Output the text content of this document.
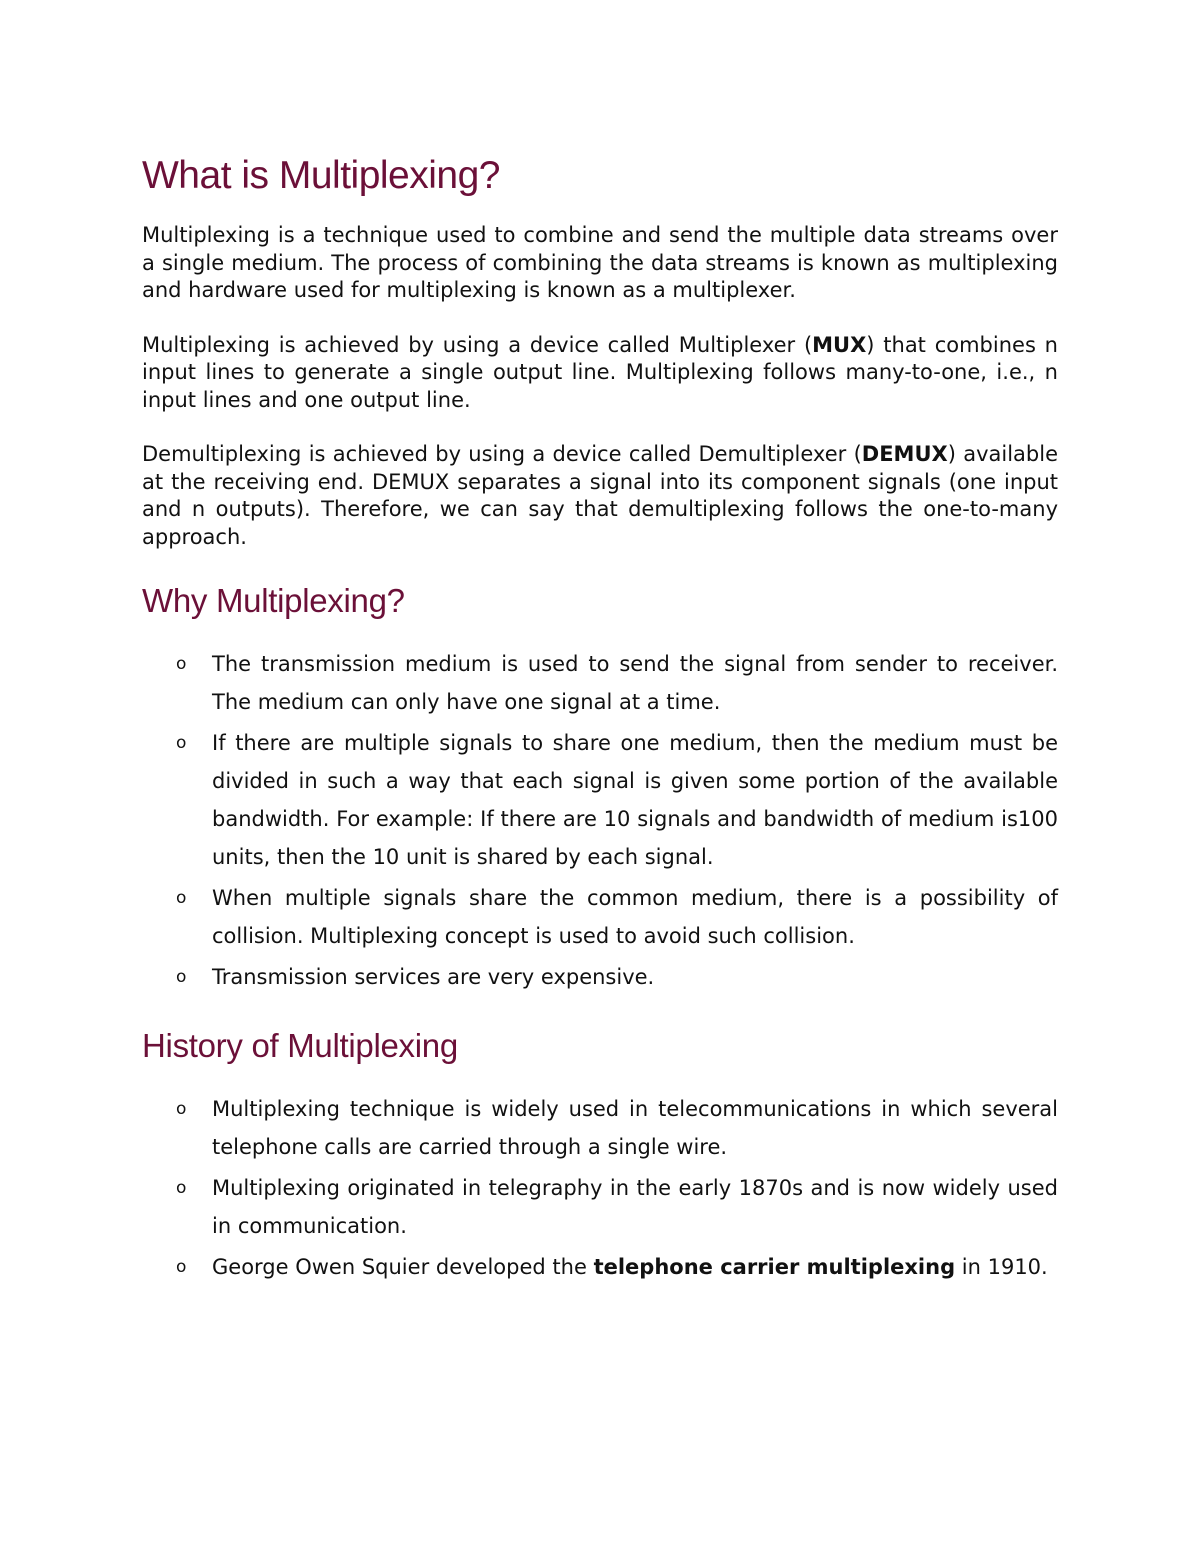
What is Multiplexing?

Multiplexing is a technique used to combine and send the multiple data streams over a single medium. The process of combining the data streams is known as multiplexing and hardware used for multiplexing is known as a multiplexer.

Multiplexing is achieved by using a device called Multiplexer (MUX) that combines n input lines to generate a single output line. Multiplexing follows many-to-one, i.e., n input lines and one output line.

Demultiplexing is achieved by using a device called Demultiplexer (DEMUX) available at the receiving end. DEMUX separates a signal into its component signals (one input and n outputs). Therefore, we can say that demultiplexing follows the one-to-many approach.

Why Multiplexing?
o The transmission medium is used to send the signal from sender to receiver. The medium can only have one signal at a time.
o If there are multiple signals to share one medium, then the medium must be divided in such a way that each signal is given some portion of the available bandwidth. For example: If there are 10 signals and bandwidth of medium is100 units, then the 10 unit is shared by each signal.
o When multiple signals share the common medium, there is a possibility of collision. Multiplexing concept is used to avoid such collision.
o Transmission services are very expensive.
History of Multiplexing
o Multiplexing technique is widely used in telecommunications in which several telephone calls are carried through a single wire.
o Multiplexing originated in telegraphy in the early 1870s and is now widely used in communication.
o George Owen Squier developed the telephone carrier multiplexing in 1910.
